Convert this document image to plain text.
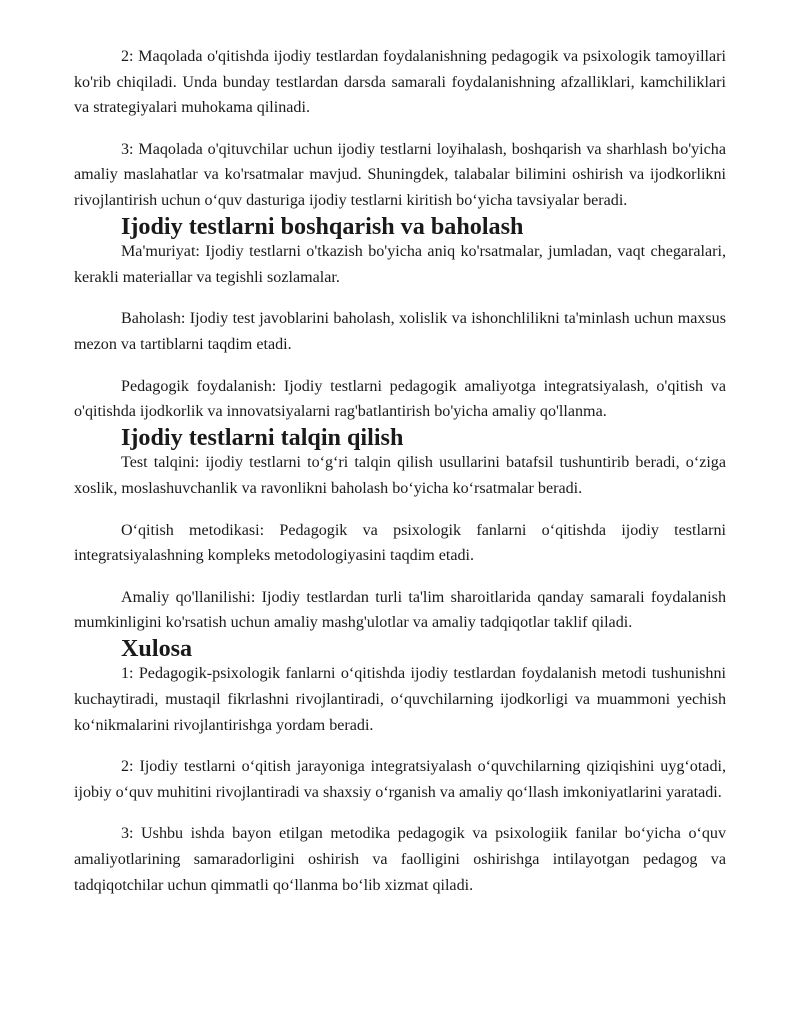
2: Maqolada o'qitishda ijodiy testlardan foydalanishning pedagogik va psixologik tamoyillari ko'rib chiqiladi. Unda bunday testlardan darsda samarali foydalanishning afzalliklari, kamchiliklari va strategiyalari muhokama qilinadi.

3: Maqolada o'qituvchilar uchun ijodiy testlarni loyihalash, boshqarish va sharhlash bo'yicha amaliy maslahatlar va ko'rsatmalar mavjud. Shuningdek, talabalar bilimini oshirish va ijodkorlikni rivojlantirish uchun o‘quv dasturiga ijodiy testlarni kiritish bo‘yicha tavsiyalar beradi.

Ijodiy testlarni boshqarish va baholash

Ma'muriyat: Ijodiy testlarni o'tkazish bo'yicha aniq ko'rsatmalar, jumladan, vaqt chegaralari, kerakli materiallar va tegishli sozlamalar.

Baholash: Ijodiy test javoblarini baholash, xolislik va ishonchlilikni ta'minlash uchun maxsus mezon va tartiblarni taqdim etadi.

Pedagogik foydalanish: Ijodiy testlarni pedagogik amaliyotga integratsiyalash, o'qitish va o'qitishda ijodkorlik va innovatsiyalarni rag'batlantirish bo'yicha amaliy qo'llanma.

Ijodiy testlarni talqin qilish

Test talqini: ijodiy testlarni to‘g‘ri talqin qilish usullarini batafsil tushuntirib beradi, o‘ziga xoslik, moslashuvchanlik va ravonlikni baholash bo‘yicha ko‘rsatmalar beradi.

O‘qitish metodikasi: Pedagogik va psixologik fanlarni o‘qitishda ijodiy testlarni integratsiyalashning kompleks metodologiyasini taqdim etadi.

Amaliy qo'llanilishi: Ijodiy testlardan turli ta'lim sharoitlarida qanday samarali foydalanish mumkinligini ko'rsatish uchun amaliy mashg'ulotlar va amaliy tadqiqotlar taklif qiladi.

Xulosa

1: Pedagogik-psixologik fanlarni o‘qitishda ijodiy testlardan foydalanish metodi tushunishni kuchaytiradi, mustaqil fikrlashni rivojlantiradi, o‘quvchilarning ijodkorligi va muammoni yechish ko‘nikmalarini rivojlantirishga yordam beradi.

2: Ijodiy testlarni o‘qitish jarayoniga integratsiyalash o‘quvchilarning qiziqishini uyg‘otadi, ijobiy o‘quv muhitini rivojlantiradi va shaxsiy o‘rganish va amaliy qo‘llash imkoniyatlarini yaratadi.

3: Ushbu ishda bayon etilgan metodika pedagogik va psixologiik fanilar bo‘yicha o‘quv amaliyotlarining samaradorligini oshirish va faolligini oshirishga intilayotgan pedagog va tadqiqotchilar uchun qimmatli qo‘llanma bo‘lib xizmat qiladi.
